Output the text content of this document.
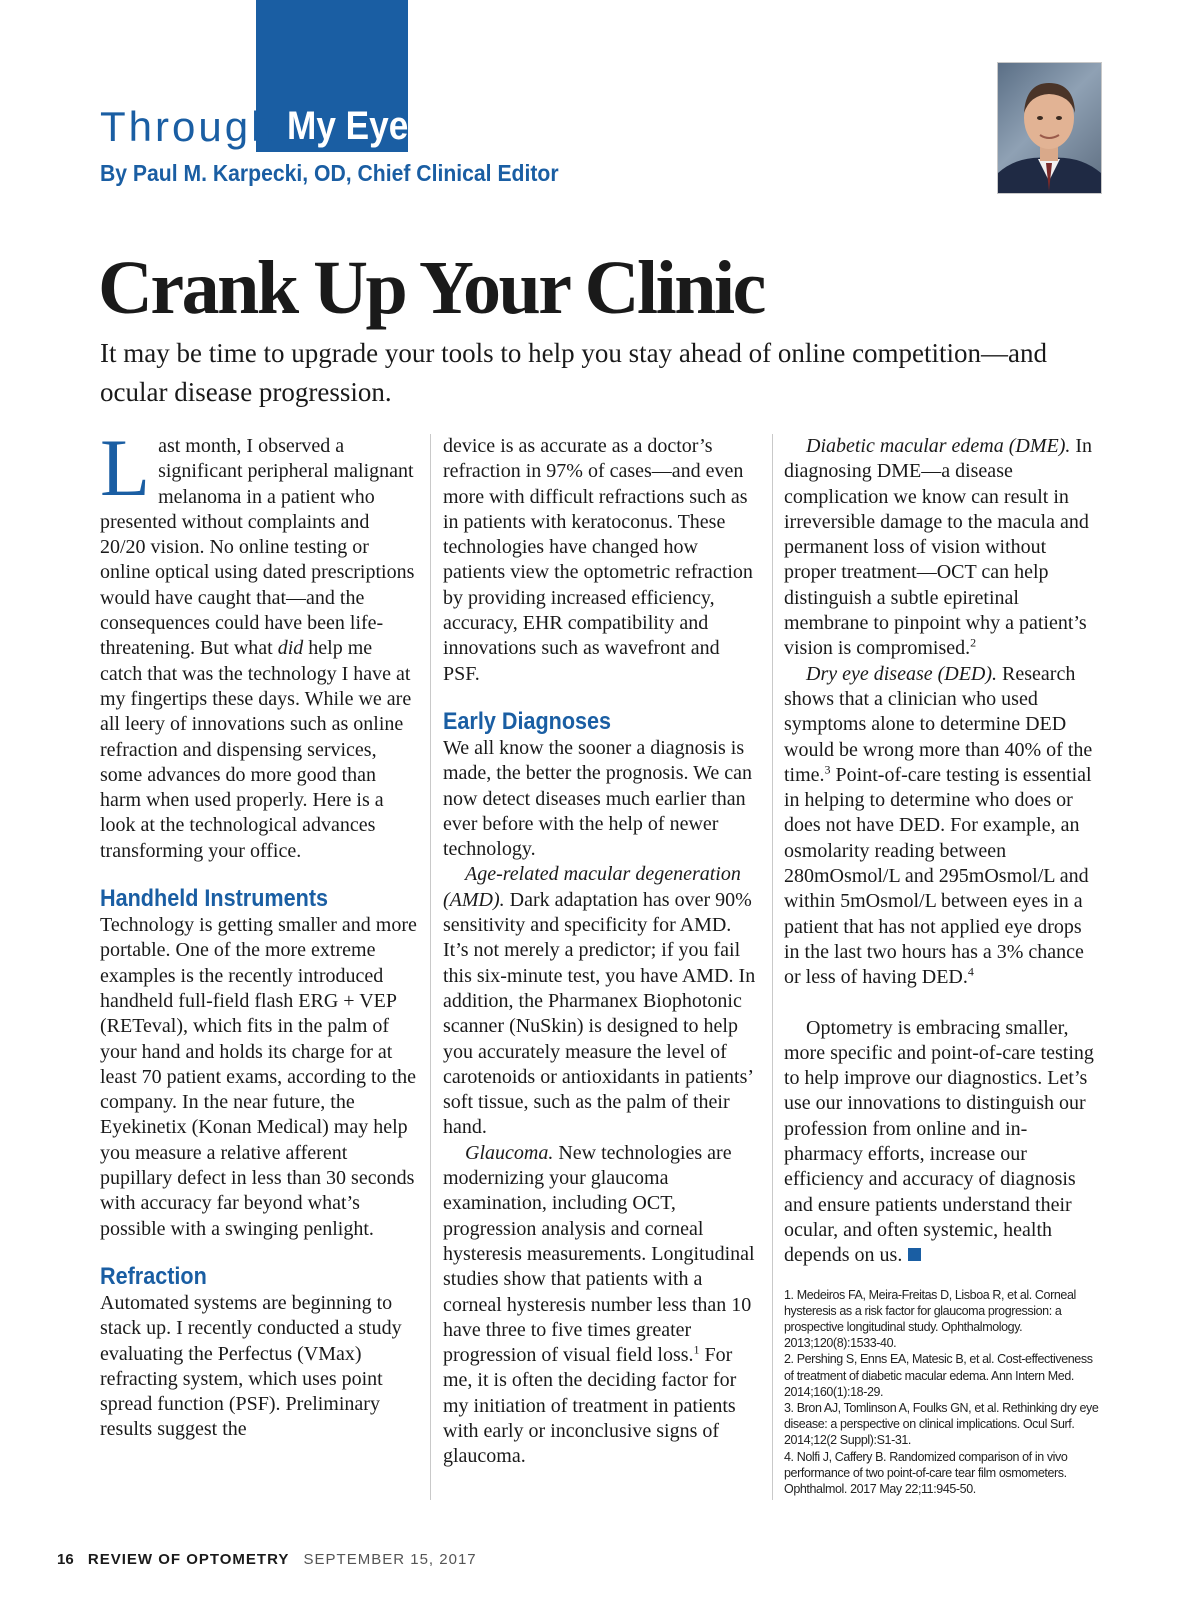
Through My Eyes
By Paul M. Karpecki, OD, Chief Clinical Editor
Crank Up Your Clinic
It may be time to upgrade your tools to help you stay ahead of online competition—and ocular disease progression.

Last month, I observed a significant peripheral malignant melanoma in a patient who presented without complaints and 20/20 vision. No online testing or online optical using dated prescriptions would have caught that—and the consequences could have been life-threatening. But what did help me catch that was the technology I have at my fingertips these days. While we are all leery of innovations such as online refraction and dispensing services, some advances do more good than harm when used properly. Here is a look at the technological advances transforming your office.

Handheld Instruments

Technology is getting smaller and more portable. One of the more extreme examples is the recently introduced handheld full-field flash ERG + VEP (RETeval), which fits in the palm of your hand and holds its charge for at least 70 patient exams, according to the company. In the near future, the Eyekinetix (Konan Medical) may help you measure a relative afferent pupillary defect in less than 30 seconds with accuracy far beyond what’s possible with a swinging penlight.

Refraction

Automated systems are beginning to stack up. I recently conducted a study evaluating the Perfectus (VMax) refracting system, which uses point spread function (PSF). Preliminary results suggest the

device is as accurate as a doctor’s refraction in 97% of cases—and even more with difficult refractions such as in patients with keratoconus. These technologies have changed how patients view the optometric refraction by providing increased efficiency, accuracy, EHR compatibility and innovations such as wavefront and PSF.

Early Diagnoses

We all know the sooner a diagnosis is made, the better the prognosis. We can now detect diseases much earlier than ever before with the help of newer technology.

Age-related macular degeneration (AMD). Dark adaptation has over 90% sensitivity and specificity for AMD. It’s not merely a predictor; if you fail this six-minute test, you have AMD. In addition, the Pharmanex Biophotonic scanner (NuSkin) is designed to help you accurately measure the level of carotenoids or antioxidants in patients’ soft tissue, such as the palm of their hand.

Glaucoma. New technologies are modernizing your glaucoma examination, including OCT, progression analysis and corneal hysteresis measurements. Longitudinal studies show that patients with a corneal hysteresis number less than 10 have three to five times greater progression of visual field loss.$^1$ For me, it is often the deciding factor for my initiation of treatment in patients with early or inconclusive signs of glaucoma.

Diabetic macular edema (DME). In diagnosing DME—a disease complication we know can result in irreversible damage to the macula and permanent loss of vision without proper treatment—OCT can help distinguish a subtle epiretinal membrane to pinpoint why a patient’s vision is compromised.$^2$

Dry eye disease (DED). Research shows that a clinician who used symptoms alone to determine DED would be wrong more than 40% of the time.$^3$ Point-of-care testing is essential in helping to determine who does or does not have DED. For example, an osmolarity reading between 280mOsmol/L and 295mOsmol/L and within 5mOsmol/L between eyes in a patient that has not applied eye drops in the last two hours has a 3% chance or less of having DED.$^4$

Optometry is embracing smaller, more specific and point-of-care testing to help improve our diagnostics. Let’s use our innovations to distinguish our profession from online and in-pharmacy efforts, increase our efficiency and accuracy of diagnosis and ensure patients understand their ocular, and often systemic, health depends on us.

1. Medeiros FA, Meira-Freitas D, Lisboa R, et al. Corneal hysteresis as a risk factor for glaucoma progression: a prospective longitudinal study. Ophthalmology. 2013;120(8):1533-40.

2. Pershing S, Enns EA, Matesic B, et al. Cost-effectiveness of treatment of diabetic macular edema. Ann Intern Med. 2014;160(1):18-29.

3. Bron AJ, Tomlinson A, Foulks GN, et al. Rethinking dry eye disease: a perspective on clinical implications. Ocul Surf. 2014;12(2 Suppl):S1-31.

4. Nolfi J, Caffery B. Randomized comparison of in vivo performance of two point-of-care tear film osmometers. Ophthalmol. 2017 May 22;11:945-50.

16 REVIEW OF OPTOMETRY SEPTEMBER 15, 2017
